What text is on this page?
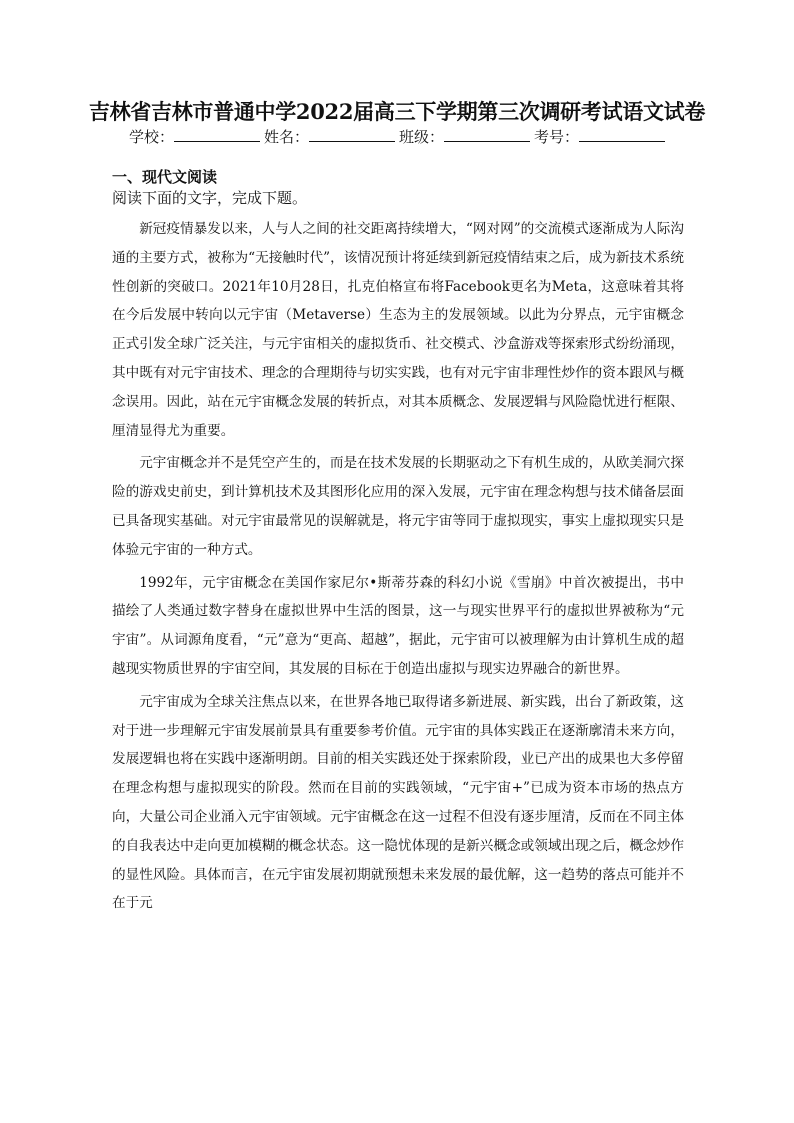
吉林省吉林市普通中学2022届高三下学期第三次调研考试语文试卷
学校：	姓名：	班级：	考号：
一、现代文阅读
阅读下面的文字，完成下题。

新冠疫情暴发以来，人与人之间的社交距离持续增大，“网对网”的交流模式逐渐成为人际沟通的主要方式，被称为“无接触时代”，该情况预计将延续到新冠疫情结束之后，成为新技术系统性创新的突破口。2021年10月28日，扎克伯格宣布将Facebook更名为Meta，这意味着其将在今后发展中转向以元宇宙（Metaverse）生态为主的发展领域。以此为分界点，元宇宙概念正式引发全球广泛关注，与元宇宙相关的虚拟货币、社交模式、沙盒游戏等探索形式纷纷涌现，其中既有对元宇宙技术、理念的合理期待与切实实践，也有对元宇宙非理性炒作的资本跟风与概念误用。因此，站在元宇宙概念发展的转折点，对其本质概念、发展逻辑与风险隐忧进行框限、厘清显得尤为重要。

元宇宙概念并不是凭空产生的，而是在技术发展的长期驱动之下有机生成的，从欧美洞穴探险的游戏史前史，到计算机技术及其图形化应用的深入发展，元宇宙在理念构想与技术储备层面已具备现实基础。对元宇宙最常见的误解就是，将元宇宙等同于虚拟现实，事实上虚拟现实只是体验元宇宙的一种方式。

1992年，元宇宙概念在美国作家尼尔•斯蒂芬森的科幻小说《雪崩》中首次被提出，书中描绘了人类通过数字替身在虚拟世界中生活的图景，这一与现实世界平行的虚拟世界被称为“元宇宙”。从词源角度看，“元”意为“更高、超越”，据此，元宇宙可以被理解为由计算机生成的超越现实物质世界的宇宙空间，其发展的目标在于创造出虚拟与现实边界融合的新世界。

元宇宙成为全球关注焦点以来，在世界各地已取得诸多新进展、新实践，出台了新政策，这对于进一步理解元宇宙发展前景具有重要参考价值。元宇宙的具体实践正在逐渐廓清未来方向，发展逻辑也将在实践中逐渐明朗。目前的相关实践还处于探索阶段，业已产出的成果也大多停留在理念构想与虚拟现实的阶段。然而在目前的实践领域，“元宇宙+”已成为资本市场的热点方向，大量公司企业涌入元宇宙领域。元宇宙概念在这一过程不但没有逐步厘清，反而在不同主体的自我表达中走向更加模糊的概念状态。这一隐忧体现的是新兴概念或领域出现之后，概念炒作的显性风险。具体而言，在元宇宙发展初期就预想未来发展的最优解，这一趋势的落点可能并不在于元
